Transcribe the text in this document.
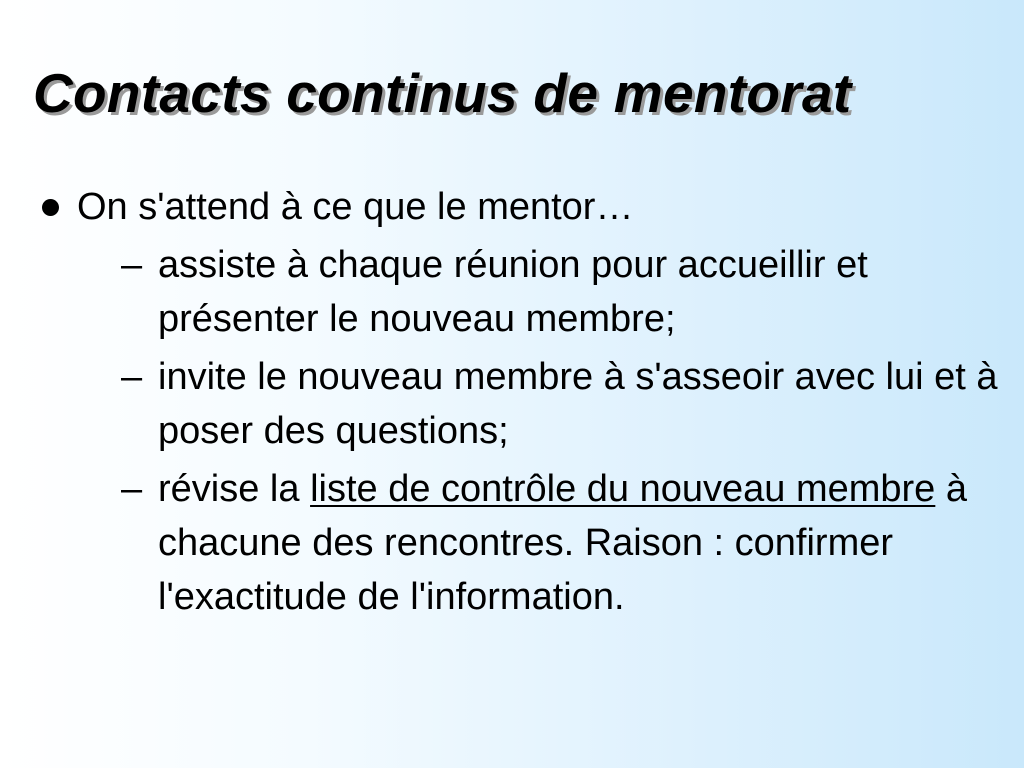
Contacts continus de mentorat
On s'attend à ce que le mentor…
– assiste à chaque réunion pour accueillir et présenter le nouveau membre;
– invite le nouveau membre à s'asseoir avec lui et à poser des questions;
– révise la liste de contrôle du nouveau membre à chacune des rencontres. Raison : confirmer l'exactitude de l'information.
